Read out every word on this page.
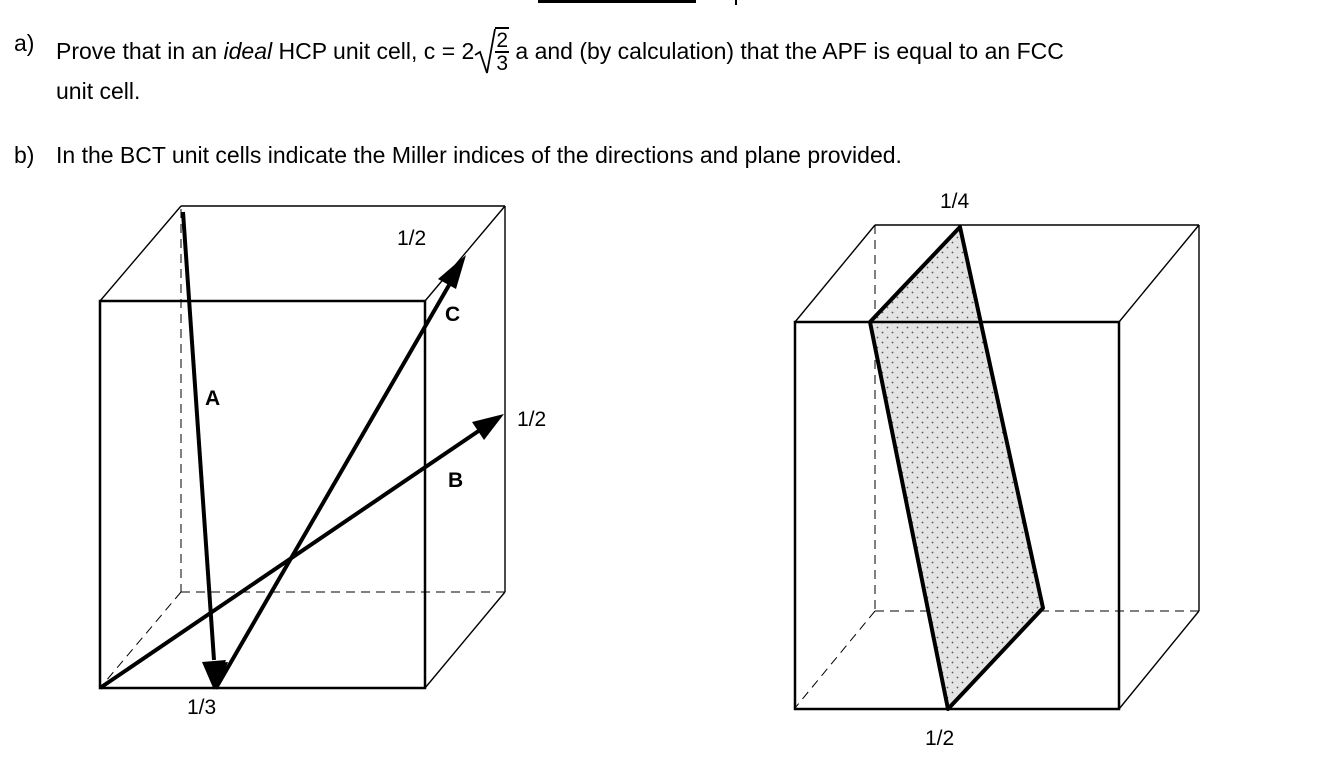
a) Prove that in an ideal HCP unit cell, $c = 2 \frac{2}{3}$ a and (by calculation) that the APF is equal to an FCC
unit cell.
b) In the BCT unit cells indicate the Miller indices of the directions and plane provided.
1/2
C
A
1/2
B
1/3
1/4
1/2
